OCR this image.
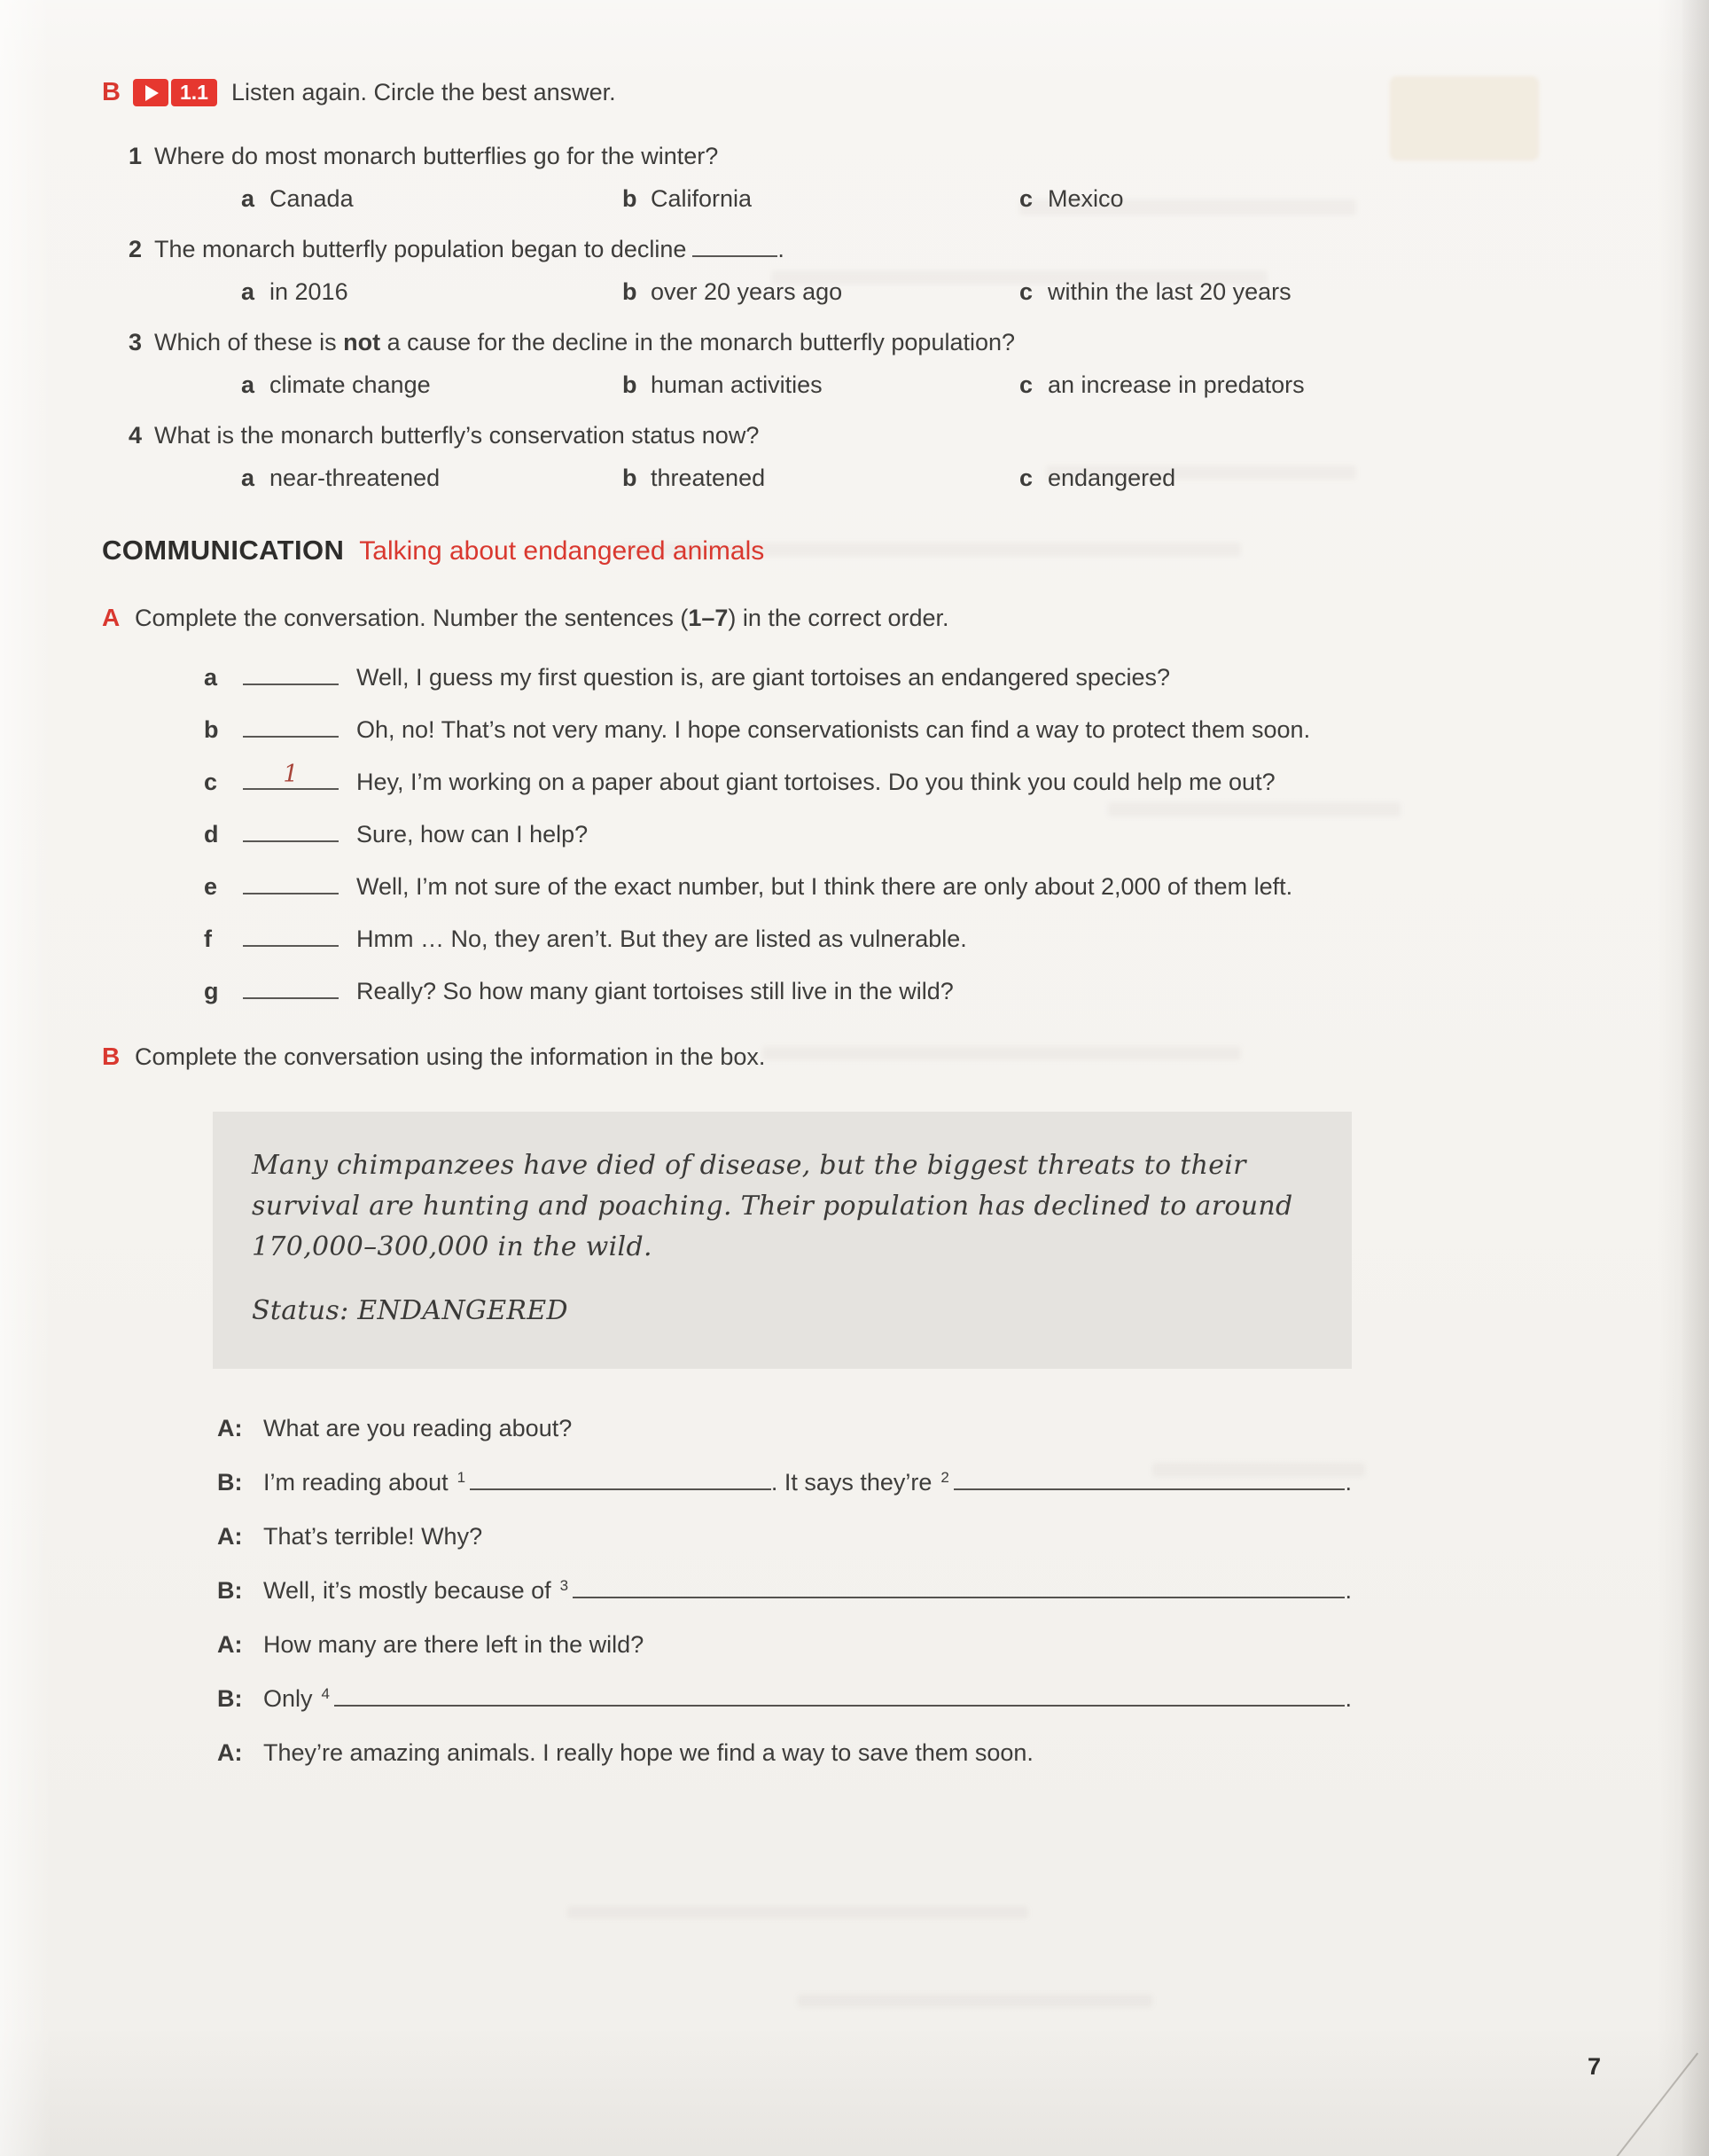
B	1.1 Listen again. Circle the best answer.
1 Where do most monarch butterflies go for the winter?
a Canada	b California	c Mexico
2 The monarch butterfly population began to decline	.
a in 2016	b over 20 years ago	c within the last 20 years
3 Which of these is not a cause for the decline in the monarch butterfly population?
a climate change	b human activities	c an increase in predators
4 What is the monarch butterfly’s conservation status now?
a near-threatened	b threatened	c endangered
COMMUNICATION Talking about endangered animals
A Complete the conversation. Number the sentences (1–7) in the correct order.
a	Well, I guess my first question is, are giant tortoises an endangered species?
b	Oh, no! That’s not very many. I hope conservationists can find a way to protect them soon.
c	1	Hey, I’m working on a paper about giant tortoises. Do you think you could help me out?
d	Sure, how can I help?
e	Well, I’m not sure of the exact number, but I think there are only about 2,000 of them left.
f	Hmm … No, they aren’t. But they are listed as vulnerable.
g	Really? So how many giant tortoises still live in the wild?
B Complete the conversation using the information in the box.

Many chimpanzees have died of disease, but the biggest threats to their survival are hunting and poaching. Their population has declined to around 170,000–300,000 in the wild.

Status: ENDANGERED

A: What are you reading about?
B: I’m reading about 1	. It says they’re 2	.
A: That’s terrible! Why?
B: Well, it’s mostly because of 3	.
A: How many are there left in the wild?
B: Only 4	.
A: They’re amazing animals. I really hope we find a way to save them soon.
7
